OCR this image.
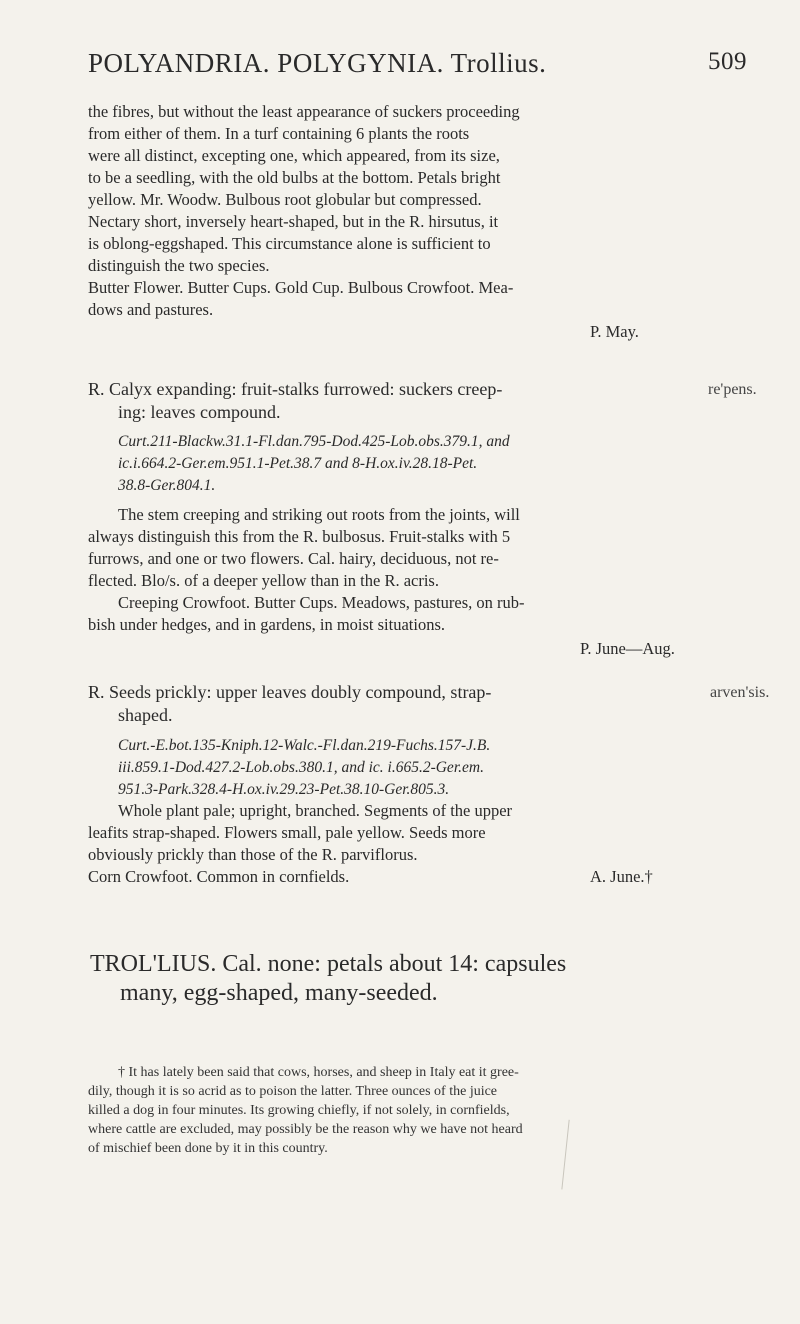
POLYANDRIA. POLYGYNIA. Trollius.	509
the fibres, but without the least appearance of suckers proceeding
from either of them. In a turf containing 6 plants the roots
were all distinct, excepting one, which appeared, from its size,
to be a seedling, with the old bulbs at the bottom. Petals bright
yellow. Mr. Woodw. Bulbous root globular but compressed.
Nectary short, inversely heart-shaped, but in the R. hirsutus, it
is oblong-eggshaped. This circumstance alone is sufficient to
distinguish the two species.
Butter Flower. Butter Cups. Gold Cup. Bulbous Crowfoot. Mea-
dows and pastures.
P. May.
R. Calyx expanding: fruit-stalks furrowed: suckers creep-
ing: leaves compound.
re'pens.
Curt.211-Blackw.31.1-Fl.dan.795-Dod.425-Lob.obs.379.1, and
ic.i.664.2-Ger.em.951.1-Pet.38.7 and 8-H.ox.iv.28.18-Pet.
38.8-Ger.804.1.
The stem creeping and striking out roots from the joints, will
always distinguish this from the R. bulbosus. Fruit-stalks with 5
furrows, and one or two flowers. Cal. hairy, deciduous, not re-
flected. Blo/s. of a deeper yellow than in the R. acris.
Creeping Crowfoot. Butter Cups. Meadows, pastures, on rub-
bish under hedges, and in gardens, in moist situations.
P. June—Aug.
R. Seeds prickly: upper leaves doubly compound, strap-
shaped.
arven'sis.
Curt.-E.bot.135-Kniph.12-Walc.-Fl.dan.219-Fuchs.157-J.B.
iii.859.1-Dod.427.2-Lob.obs.380.1, and ic. i.665.2-Ger.em.
951.3-Park.328.4-H.ox.iv.29.23-Pet.38.10-Ger.805.3.
Whole plant pale; upright, branched. Segments of the upper
leafits strap-shaped. Flowers small, pale yellow. Seeds more
obviously prickly than those of the R. parviflorus.
Corn Crowfoot. Common in cornfields.	A. June.†
TROL'LIUS. Cal. none: petals about 14: capsules
many, egg-shaped, many-seeded.
† It has lately been said that cows, horses, and sheep in Italy eat it gree-
dily, though it is so acrid as to poison the latter. Three ounces of the juice
killed a dog in four minutes. Its growing chiefly, if not solely, in cornfields,
where cattle are excluded, may possibly be the reason why we have not heard
of mischief been done by it in this country.
